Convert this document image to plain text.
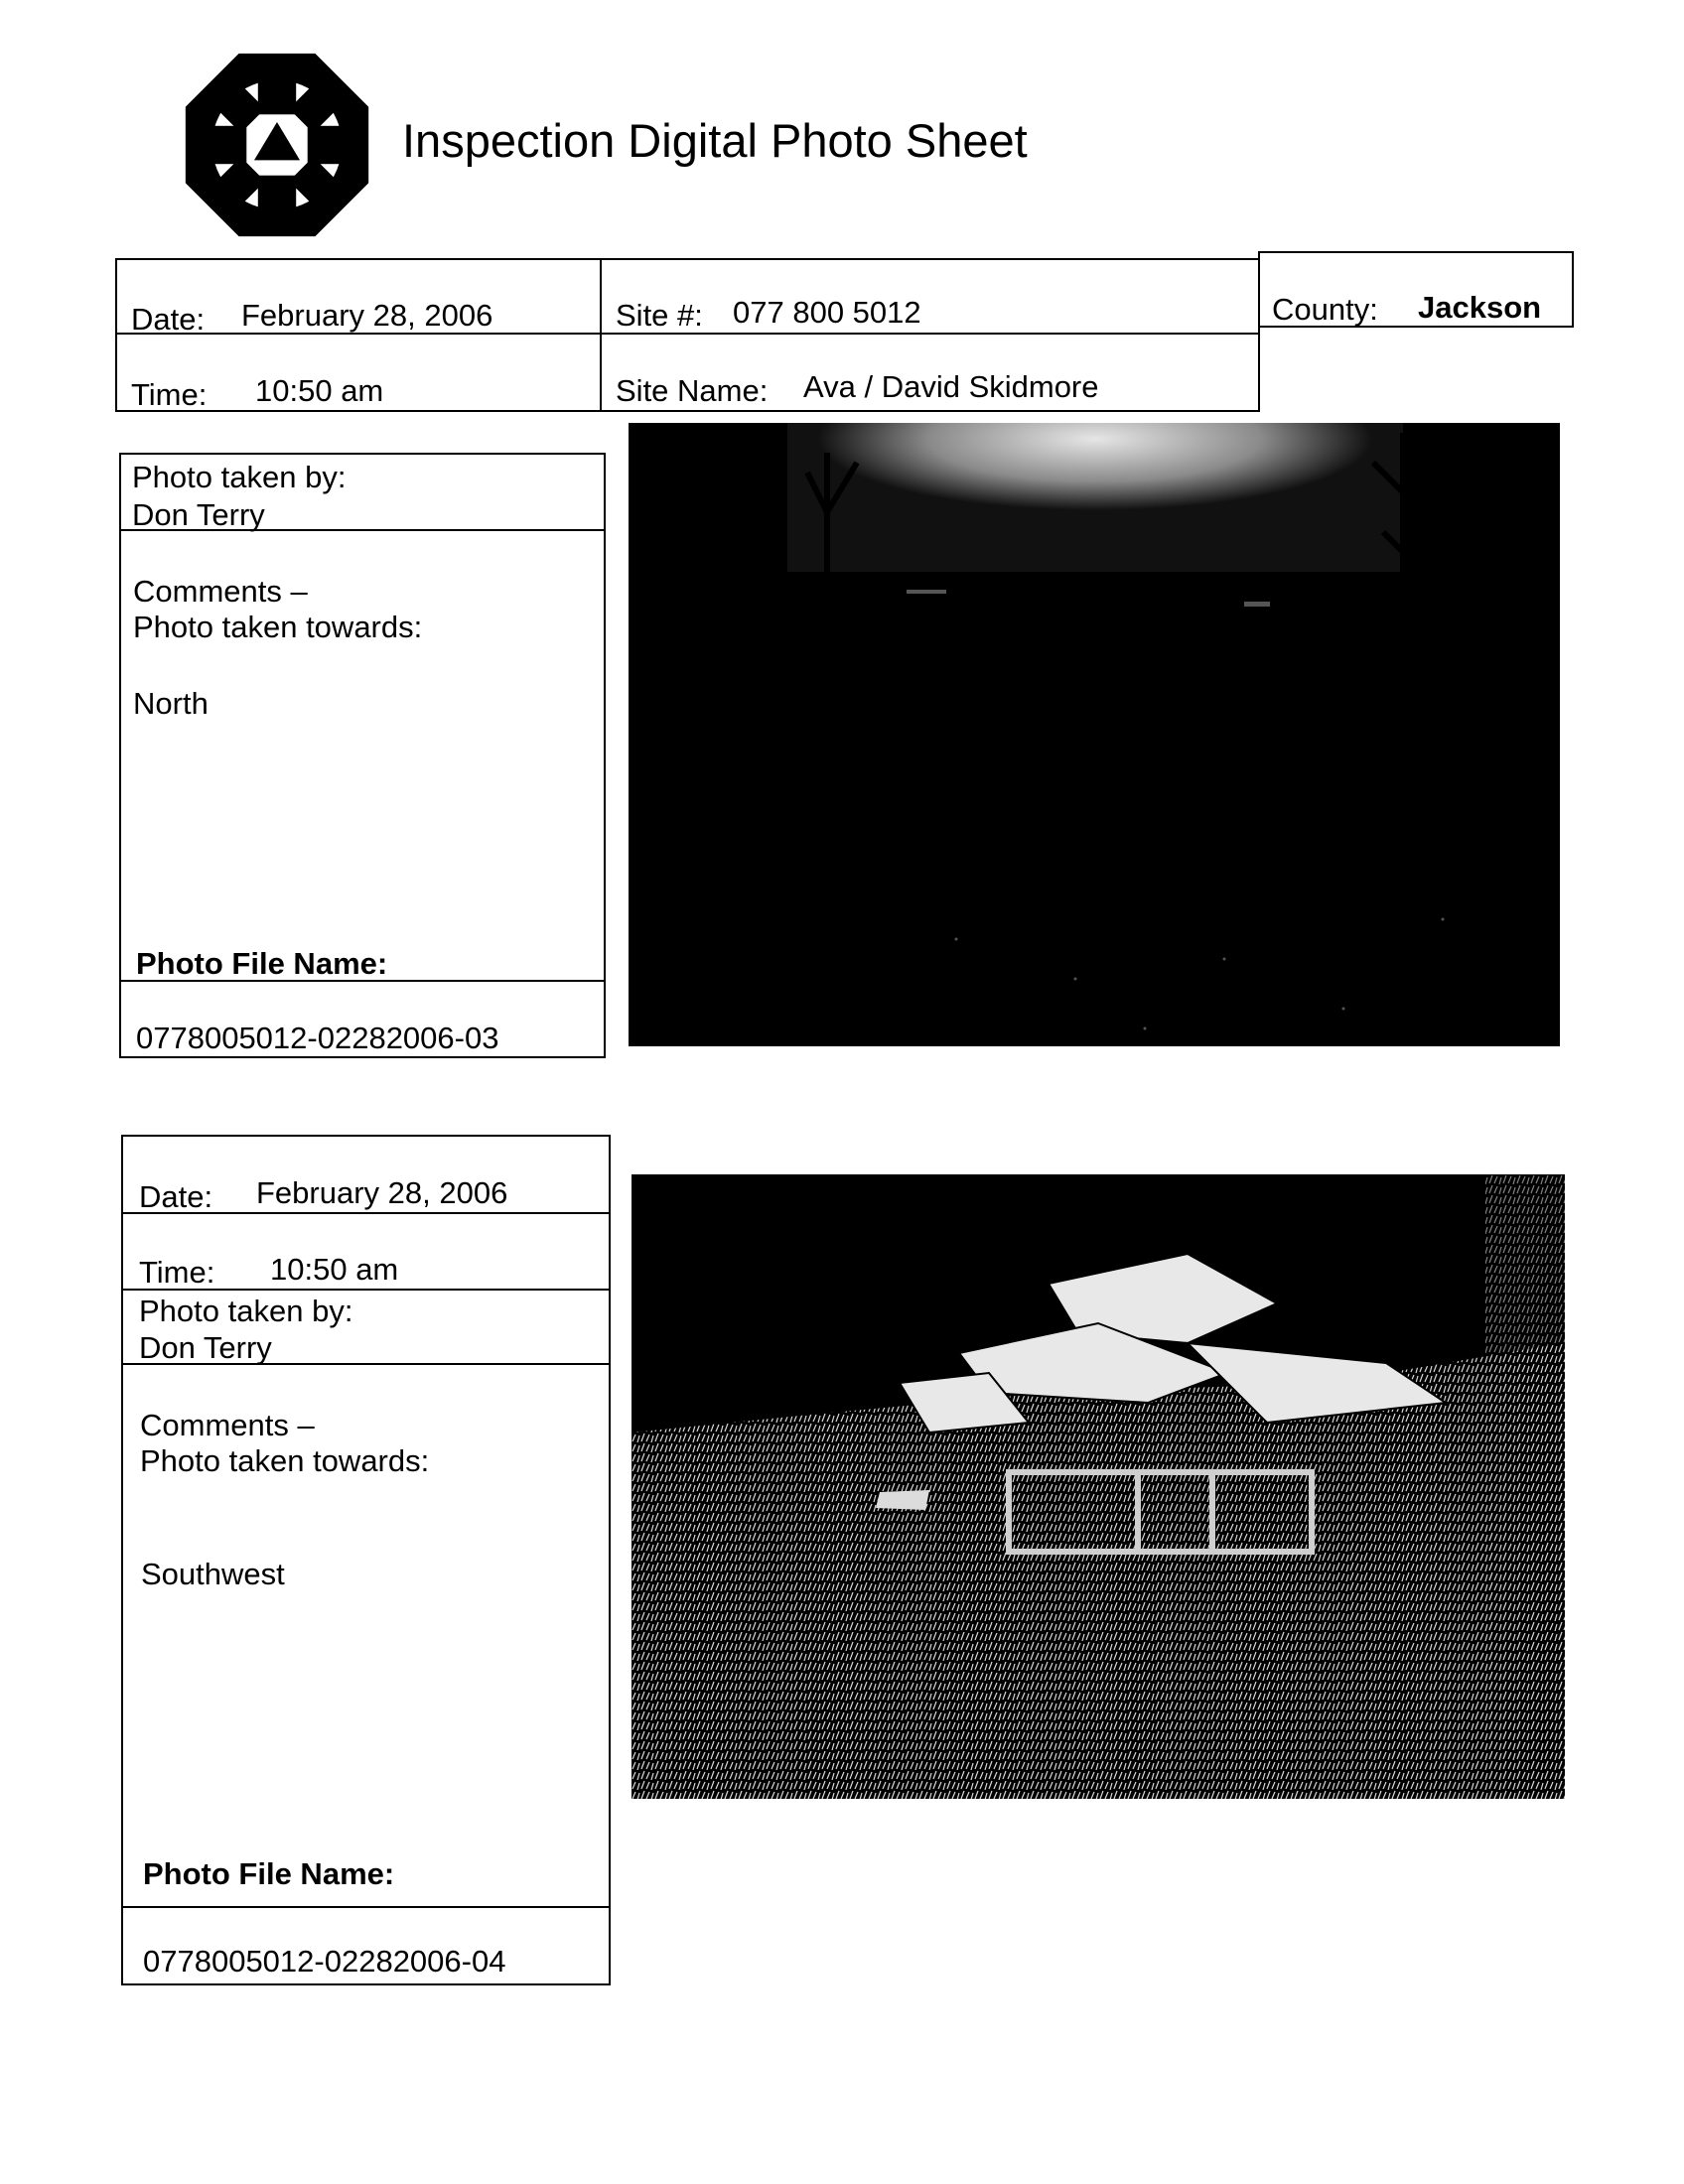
Inspection Digital Photo Sheet
Date: February 28, 2006
Time: 10:50 am
Site #: 077 800 5012
Site Name: Ava / David Skidmore
County: Jackson
Photo taken by:
Don Terry
Comments –
Photo taken towards:
North
Photo File Name:
0778005012-02282006-03
Date: February 28, 2006
Time: 10:50 am
Photo taken by:
Don Terry
Comments –
Photo taken towards:
Southwest
Photo File Name:
0778005012-02282006-04
